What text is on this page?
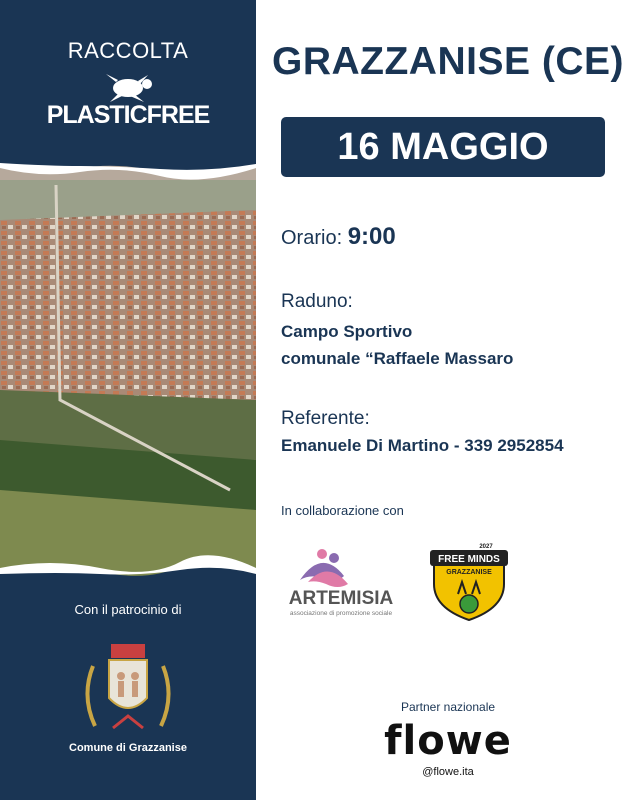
RACCOLTA
PLASTICFREE
Con il patrocinio di
Comune di Grazzanise
GRAZZANISE (CE)
16 MAGGIO
Orario: 9:00
Raduno:
Campo Sportivo
comunale “Raffaele Massaro
Referente:
Emanuele Di Martino - 339 2952854
In collaborazione con
ARTEMISIA
associazione di promozione sociale
FREE MINDS
2027
GRAZZANISE
Partner nazionale
flowe
@flowe.ita
